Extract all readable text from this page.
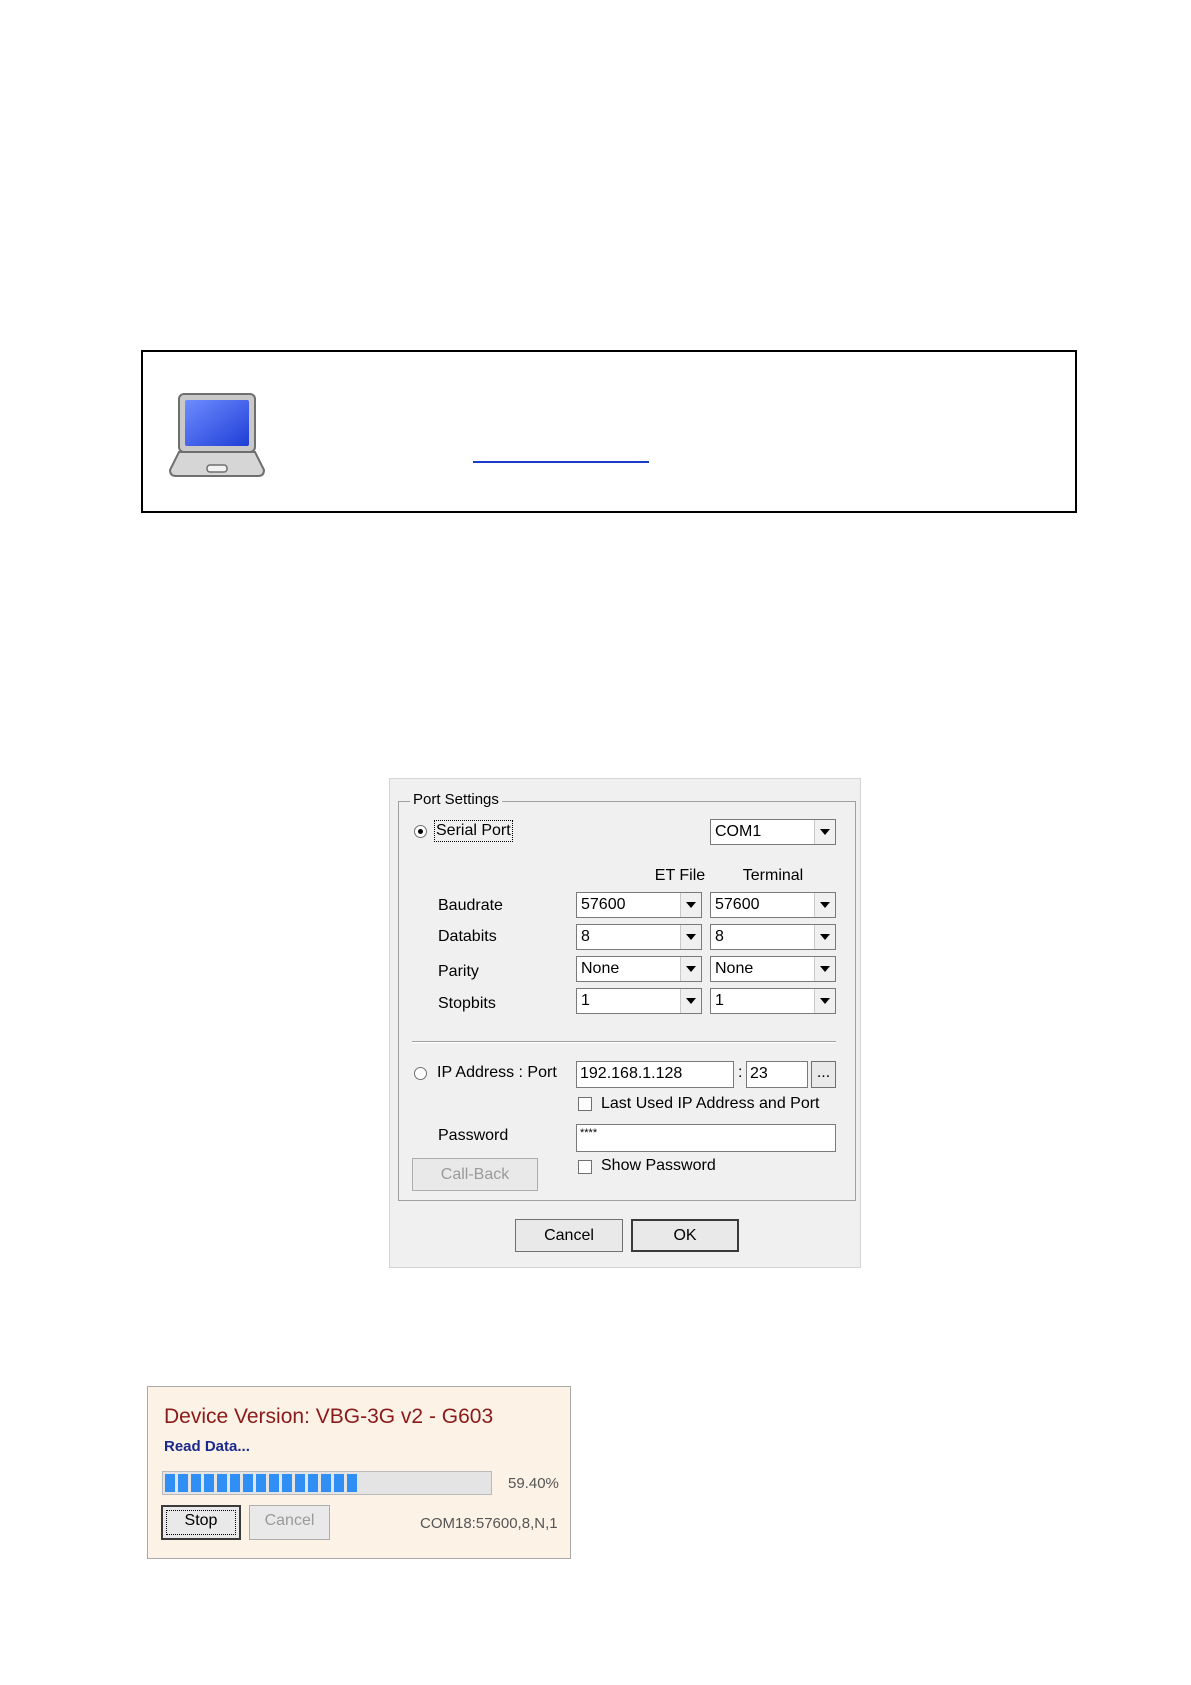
Port Settings
Serial Port	COM1
ET File	Terminal
Baudrate	57600	57600
Databits	8	8
Parity	None	None
Stopbits	1	1
IP Address : Port 192.168.1.128	: 23	...
Last Used IP Address and Port
Password	****
Call-Back
Show Password
Cancel	OK
Device Version: VBG-3G v2 - G603
Read Data...
59.40%
Stop	Cancel	COM18:57600,8,N,1
